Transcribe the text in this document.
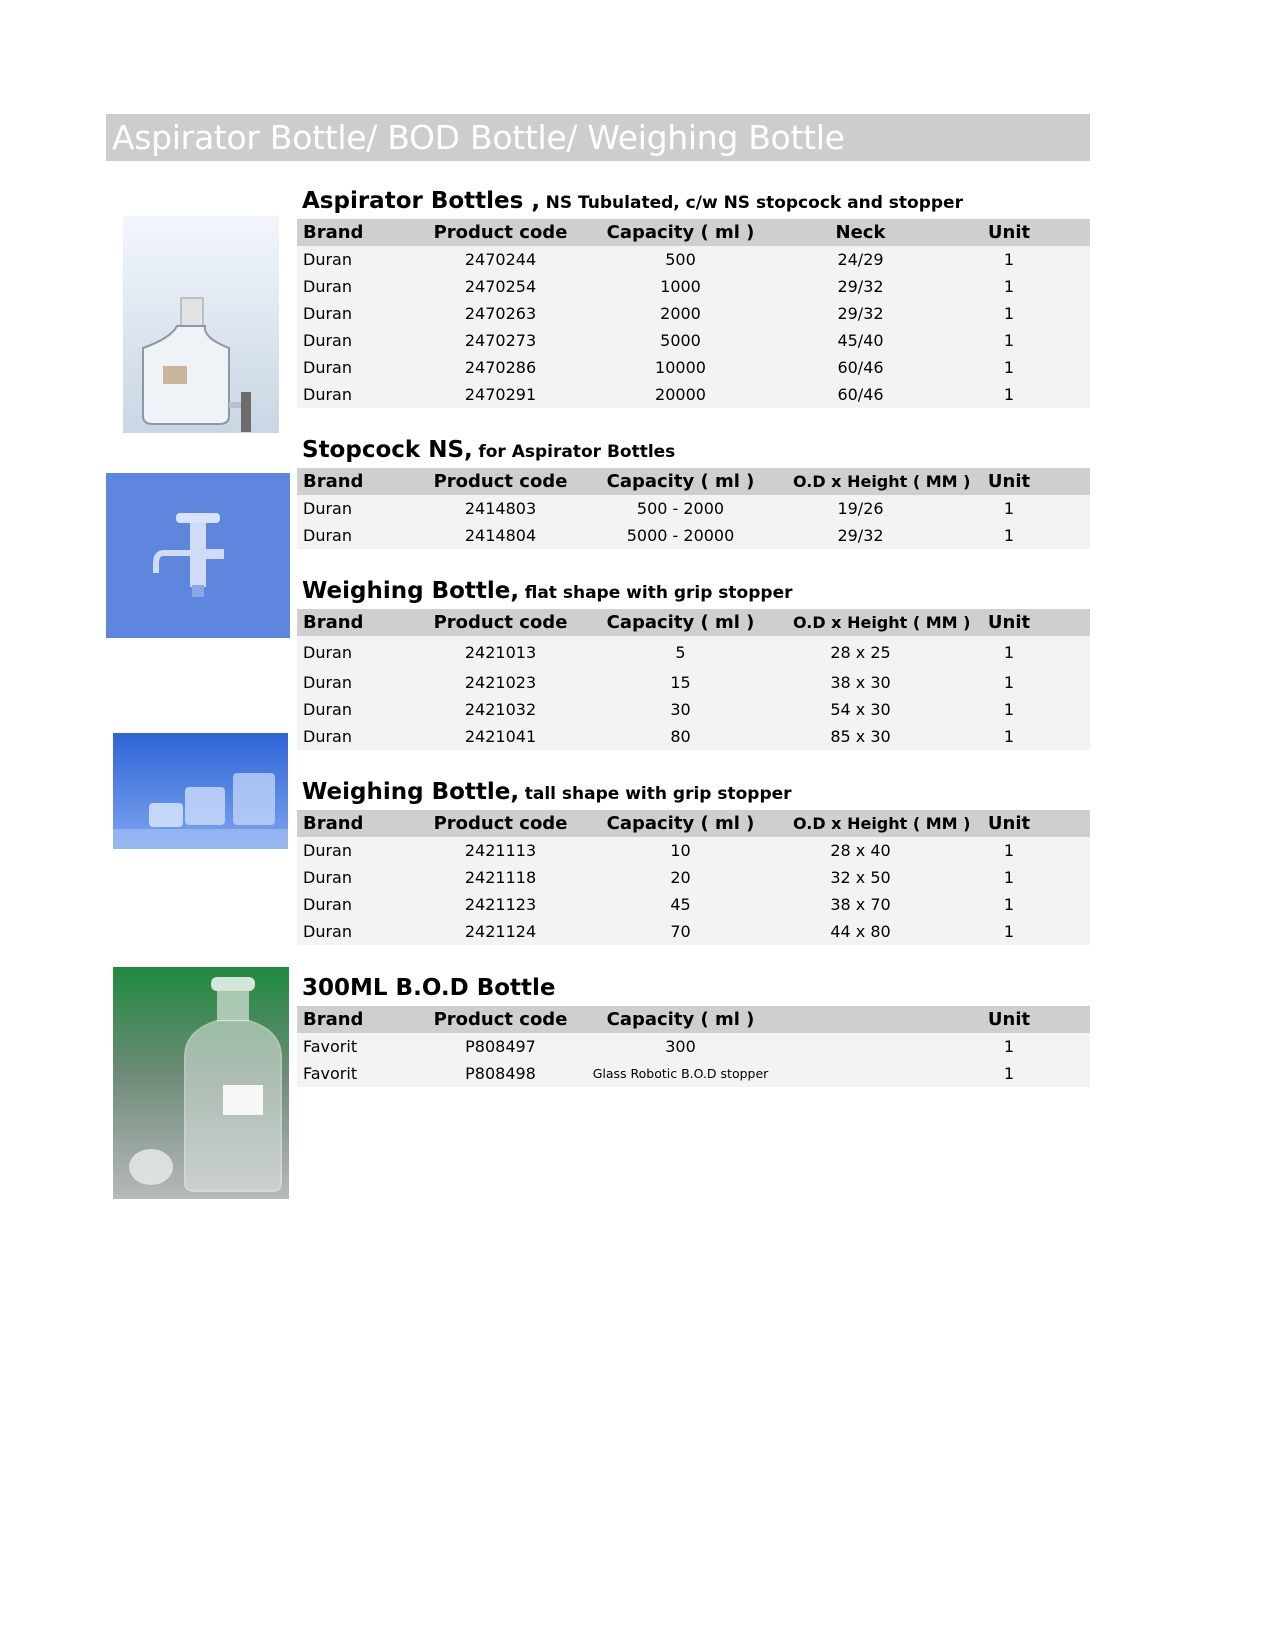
Aspirator Bottle/ BOD Bottle/ Weighing Bottle
Aspirator Bottles , NS Tubulated, c/w NS stopcock and stopper
Brand	Product code	Capacity ( ml )	Neck	Unit
Duran	2470244	500	24/29	1
Duran	2470254	1000	29/32	1
Duran	2470263	2000	29/32	1
Duran	2470273	5000	45/40	1
Duran	2470286	10000	60/46	1
Duran	2470291	20000	60/46	1
Stopcock NS, for Aspirator Bottles
Brand	Product code	Capacity ( ml )	O.D x Height ( MM )	Unit
Duran	2414803	500 - 2000	19/26	1
Duran	2414804	5000 - 20000	29/32	1
Weighing Bottle, flat shape with grip stopper
Brand	Product code	Capacity ( ml )	O.D x Height ( MM )	Unit
Duran	2421013	5	28 x 25	1
Duran	2421023	15	38 x 30	1
Duran	2421032	30	54 x 30	1
Duran	2421041	80	85 x 30	1
Weighing Bottle, tall shape with grip stopper
Brand	Product code	Capacity ( ml )	O.D x Height ( MM )	Unit
Duran	2421113	10	28 x 40	1
Duran	2421118	20	32 x 50	1
Duran	2421123	45	38 x 70	1
Duran	2421124	70	44 x 80	1
300ML B.O.D Bottle
Brand	Product code	Capacity ( ml )		Unit
Favorit	P808497	300		1
Favorit	P808498	Glass Robotic B.O.D stopper		1
